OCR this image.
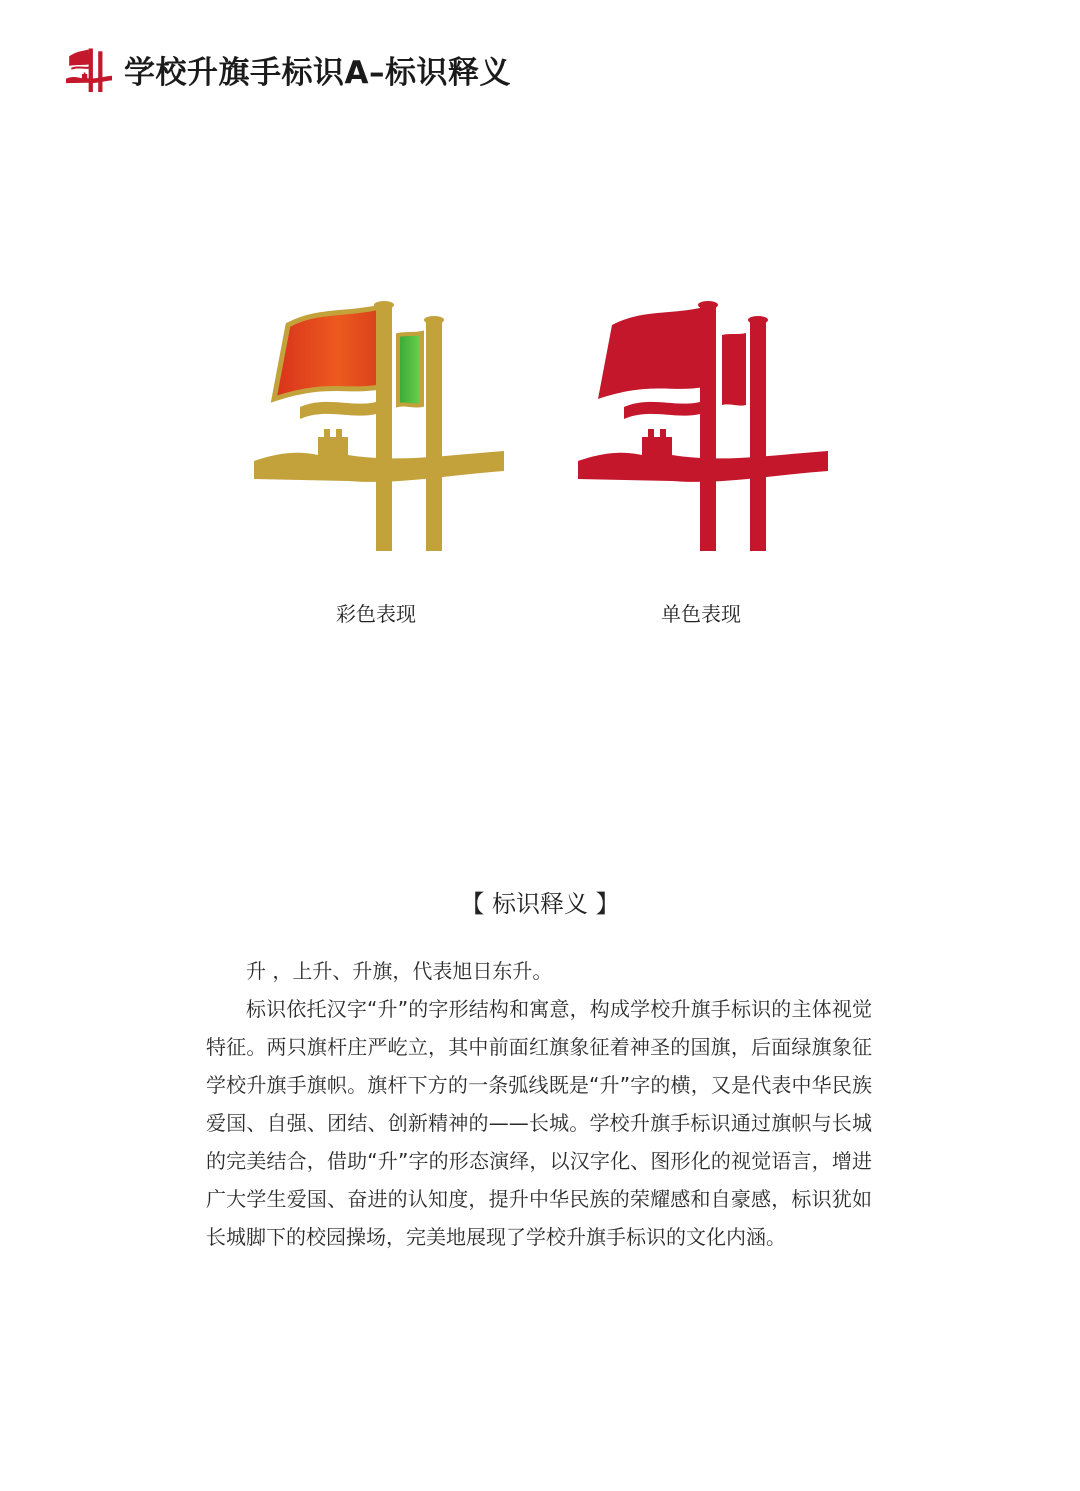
学校升旗手标识A–标识释义
彩色表现	单色表现
【 标识释义 】

升 ，上升、升旗，代表旭日东升。

标识依托汉字“升”的字形结构和寓意，构成学校升旗手标识的主体视觉特征。两只旗杆庄严屹立，其中前面红旗象征着神圣的国旗，后面绿旗象征学校升旗手旗帜。旗杆下方的一条弧线既是“升”字的横，又是代表中华民族爱国、自强、团结、创新精神的——长城。学校升旗手标识通过旗帜与长城的完美结合，借助“升”字的形态演绎，以汉字化、图形化的视觉语言，增进广大学生爱国、奋进的认知度，提升中华民族的荣耀感和自豪感，标识犹如长城脚下的校园操场，完美地展现了学校升旗手标识的文化内涵。
